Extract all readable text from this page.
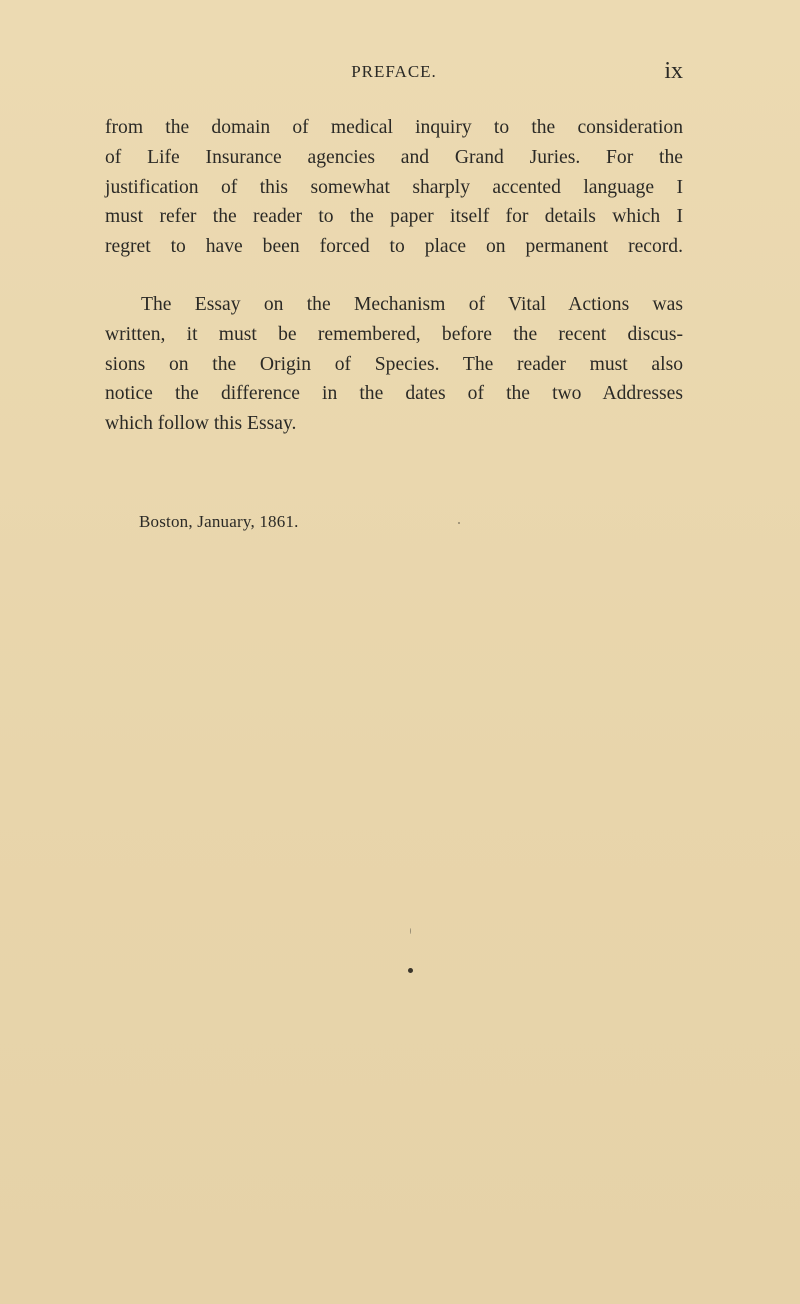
PREFACE.	ix
from the domain of medical inquiry to the consideration
of Life Insurance agencies and Grand Juries. For the
justification of this somewhat sharply accented language I
must refer the reader to the paper itself for details which I
regret to have been forced to place on permanent record.
The Essay on the Mechanism of Vital Actions was
written, it must be remembered, before the recent discus-
sions on the Origin of Species. The reader must also
notice the difference in the dates of the two Addresses
which follow this Essay.
Boston, January, 1861.
